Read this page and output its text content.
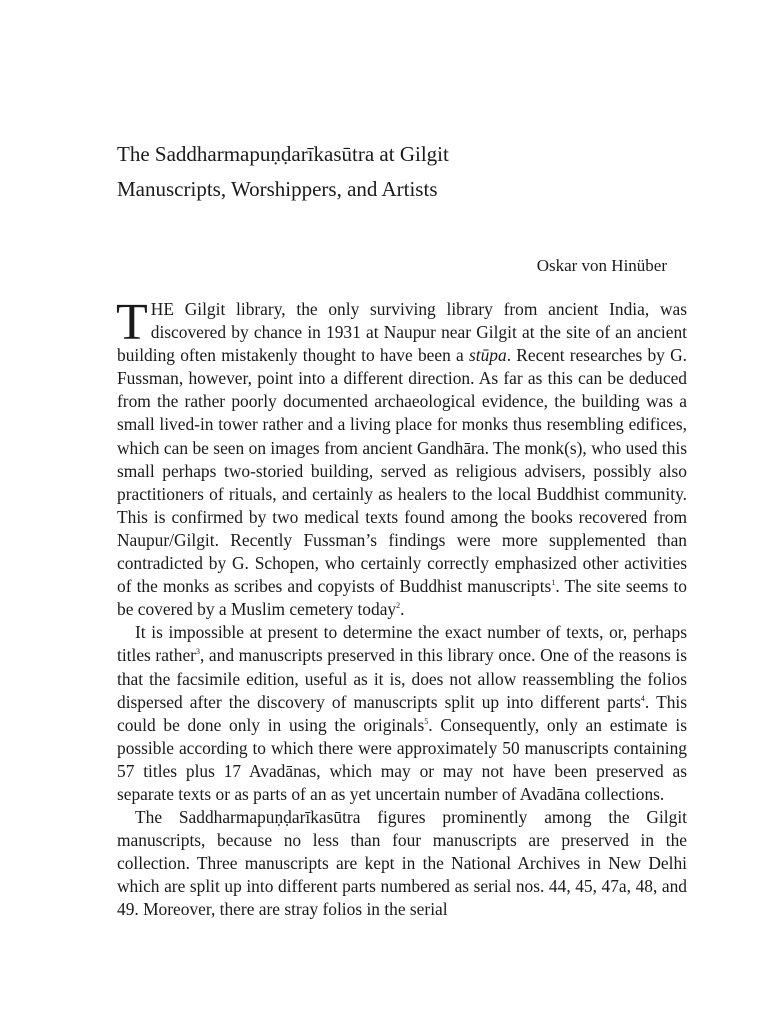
The Saddharmapuṇḍarīkasūtra at Gilgit
Manuscripts, Worshippers, and Artists
Oskar von Hinüber

THE Gilgit library, the only surviving library from ancient India, was discovered by chance in 1931 at Naupur near Gilgit at the site of an ancient building often mistakenly thought to have been a stūpa. Recent researches by G. Fussman, however, point into a different direction. As far as this can be deduced from the rather poorly documented archaeological evidence, the building was a small lived-in tower rather and a living place for monks thus resembling edifices, which can be seen on images from ancient Gandhāra. The monk(s), who used this small perhaps two-storied building, served as religious advisers, possibly also practitioners of rituals, and certainly as healers to the local Buddhist community. This is confirmed by two medical texts found among the books recovered from Naupur/Gilgit. Recently Fussman’s findings were more supplemented than contradicted by G. Schopen, who certainly correctly emphasized other activities of the monks as scribes and copyists of Buddhist manuscripts$^1$. The site seems to be covered by a Muslim cemetery today$^2$.

It is impossible at present to determine the exact number of texts, or, perhaps titles rather$^3$, and manuscripts preserved in this library once. One of the reasons is that the facsimile edition, useful as it is, does not allow reassembling the folios dispersed after the discovery of manuscripts split up into different parts$^4$. This could be done only in using the originals$^5$. Consequently, only an estimate is possible according to which there were approximately 50 manuscripts containing 57 titles plus 17 Avadānas, which may or may not have been preserved as separate texts or as parts of an as yet uncertain number of Avadāna collections.

The Saddharmapuṇḍarīkasūtra figures prominently among the Gilgit manuscripts, because no less than four manuscripts are preserved in the collection. Three manuscripts are kept in the National Archives in New Delhi which are split up into different parts numbered as serial nos. 44, 45, 47a, 48, and 49. Moreover, there are stray folios in the serial
